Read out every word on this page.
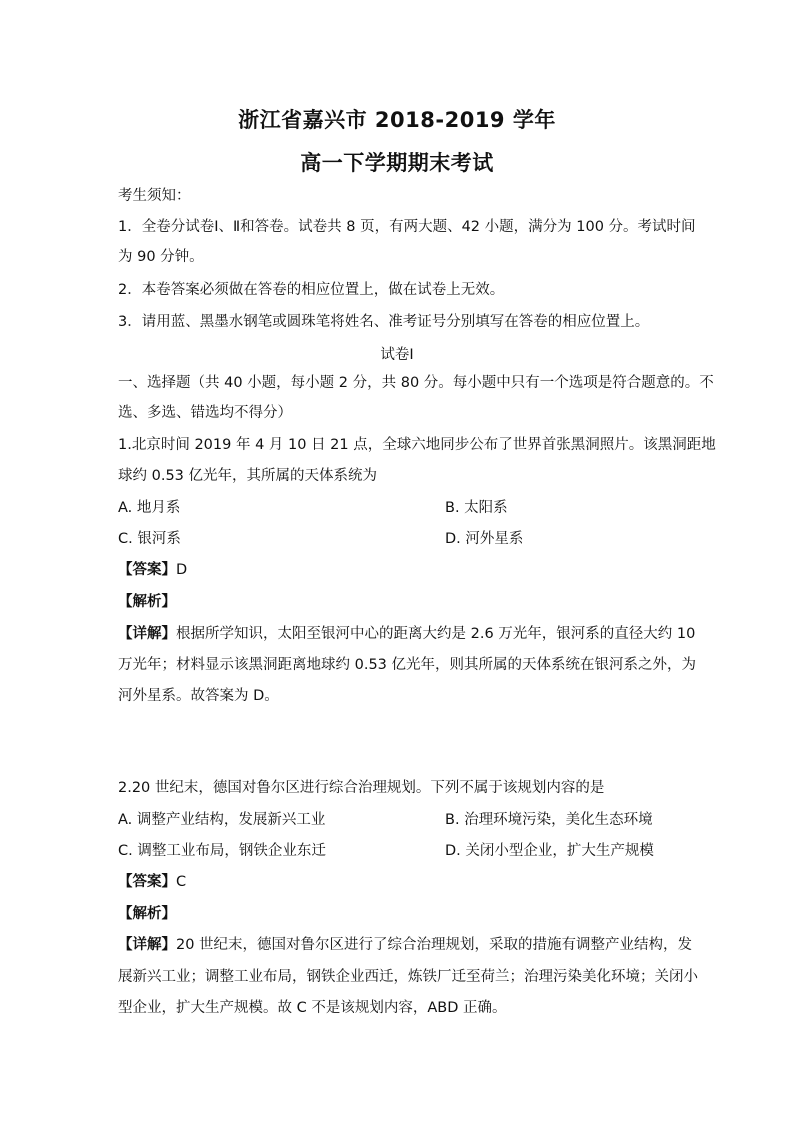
浙江省嘉兴市 2018-2019 学年
高一下学期期末考试
考生须知：
1．全卷分试卷Ⅰ、Ⅱ和答卷。试卷共 8 页，有两大题、42 小题，满分为 100 分。考试时间
为 90 分钟。
2．本卷答案必须做在答卷的相应位置上，做在试卷上无效。
3．请用蓝、黑墨水钢笔或圆珠笔将姓名、准考证号分别填写在答卷的相应位置上。
试卷Ⅰ
一、选择题（共 40 小题，每小题 2 分，共 80 分。每小题中只有一个选项是符合题意的。不
选、多选、错选均不得分）
1.北京时间 2019 年 4 月 10 日 21 点，全球六地同步公布了世界首张黑洞照片。该黑洞距地
球约 0.53 亿光年，其所属的天体系统为
A. 地月系	B. 太阳系
C. 银河系	D. 河外星系
【答案】D
【解析】
【详解】根据所学知识，太阳至银河中心的距离大约是 2.6 万光年，银河系的直径大约 10
万光年；材料显示该黑洞距离地球约 0.53 亿光年，则其所属的天体系统在银河系之外，为
河外星系。故答案为 D。
2.20 世纪末，德国对鲁尔区进行综合治理规划。下列不属于该规划内容的是
A. 调整产业结构，发展新兴工业	B. 治理环境污染，美化生态环境
C. 调整工业布局，钢铁企业东迁	D. 关闭小型企业，扩大生产规模
【答案】C
【解析】
【详解】20 世纪末，德国对鲁尔区进行了综合治理规划，采取的措施有调整产业结构，发
展新兴工业；调整工业布局，钢铁企业西迁，炼铁厂迁至荷兰；治理污染美化环境；关闭小
型企业，扩大生产规模。故 C 不是该规划内容，ABD 正确。
